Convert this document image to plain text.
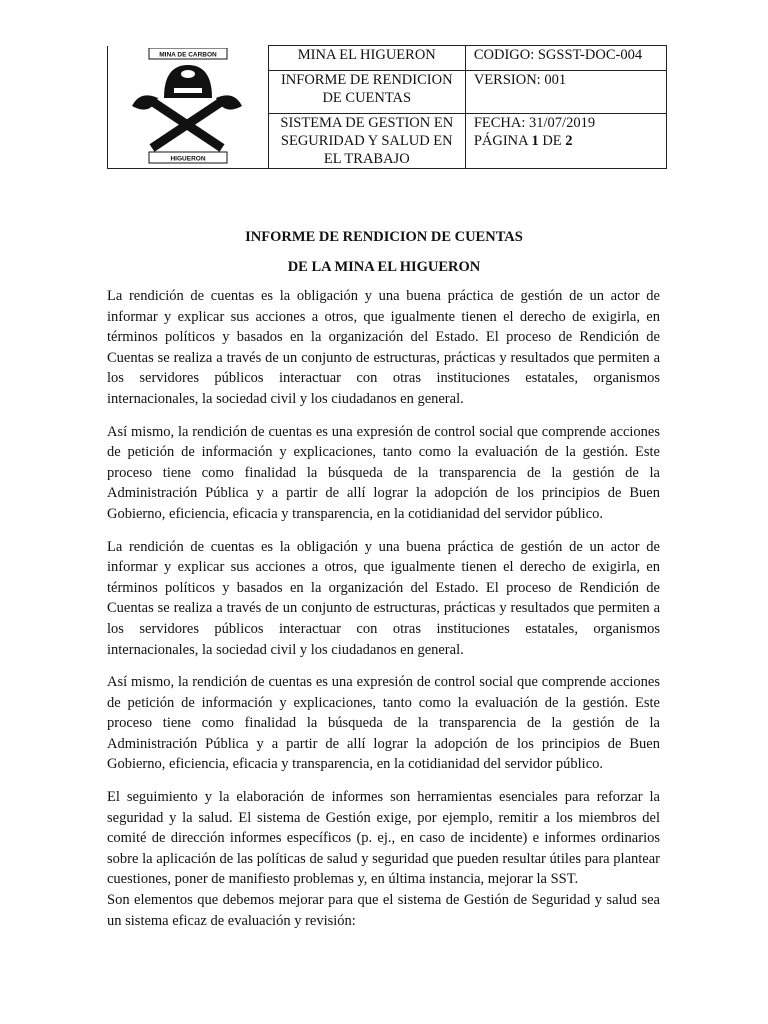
MINA DE CARBON
HIGUERON	MINA EL HIGUERON	CODIGO: SGSST-DOC-004
	INFORME DE RENDICION DE CUENTAS	VERSION: 001
	SISTEMA DE GESTION EN SEGURIDAD Y SALUD EN EL TRABAJO	FECHA: 31/07/2019
PÁGINA 1 DE 2
INFORME DE RENDICION DE CUENTAS
DE LA MINA EL HIGUERON

La rendición de cuentas es la obligación y una buena práctica de gestión de un actor de informar y explicar sus acciones a otros, que igualmente tienen el derecho de exigirla, en términos políticos y basados en la organización del Estado. El proceso de Rendición de Cuentas se realiza a través de un conjunto de estructuras, prácticas y resultados que permiten a los servidores públicos interactuar con otras instituciones estatales, organismos internacionales, la sociedad civil y los ciudadanos en general.

Así mismo, la rendición de cuentas es una expresión de control social que comprende acciones de petición de información y explicaciones, tanto como la evaluación de la gestión. Este proceso tiene como finalidad la búsqueda de la transparencia de la gestión de la Administración Pública y a partir de allí lograr la adopción de los principios de Buen Gobierno, eficiencia, eficacia y transparencia, en la cotidianidad del servidor público.

La rendición de cuentas es la obligación y una buena práctica de gestión de un actor de informar y explicar sus acciones a otros, que igualmente tienen el derecho de exigirla, en términos políticos y basados en la organización del Estado. El proceso de Rendición de Cuentas se realiza a través de un conjunto de estructuras, prácticas y resultados que permiten a los servidores públicos interactuar con otras instituciones estatales, organismos internacionales, la sociedad civil y los ciudadanos en general.

Así mismo, la rendición de cuentas es una expresión de control social que comprende acciones de petición de información y explicaciones, tanto como la evaluación de la gestión. Este proceso tiene como finalidad la búsqueda de la transparencia de la gestión de la Administración Pública y a partir de allí lograr la adopción de los principios de Buen Gobierno, eficiencia, eficacia y transparencia, en la cotidianidad del servidor público.

El seguimiento y la elaboración de informes son herramientas esenciales para reforzar la seguridad y la salud. El sistema de Gestión exige, por ejemplo, remitir a los miembros del comité de dirección informes específicos (p. ej., en caso de incidente) e informes ordinarios sobre la aplicación de las políticas de salud y seguridad que pueden resultar útiles para plantear cuestiones, poner de manifiesto problemas y, en última instancia, mejorar la SST.

Son elementos que debemos mejorar para que el sistema de Gestión de Seguridad y salud sea un sistema eficaz de evaluación y revisión:
